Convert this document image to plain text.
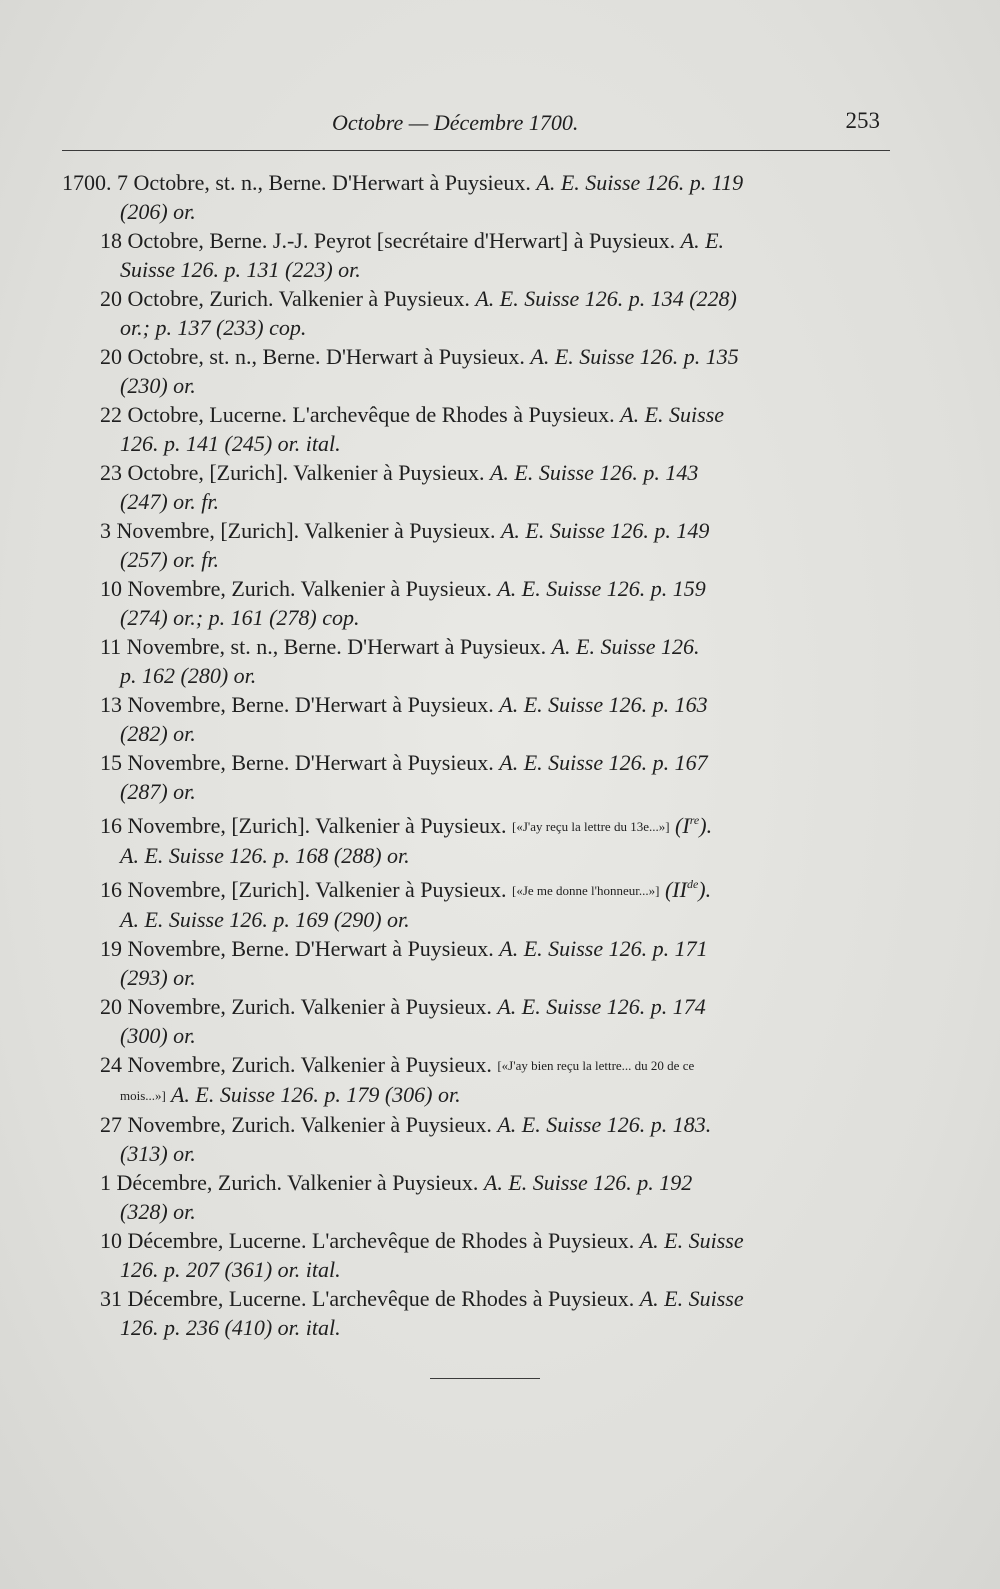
Octobre — Décembre 1700.	253
1700. 7 Octobre, st. n., Berne. D'Herwart à Puysieux. A. E. Suisse 126. p. 119
(206) or.
18 Octobre, Berne. J.-J. Peyrot [secrétaire d'Herwart] à Puysieux. A. E.
Suisse 126. p. 131 (223) or.
20 Octobre, Zurich. Valkenier à Puysieux. A. E. Suisse 126. p. 134 (228)
or.; p. 137 (233) cop.
20 Octobre, st. n., Berne. D'Herwart à Puysieux. A. E. Suisse 126. p. 135
(230) or.
22 Octobre, Lucerne. L'archevêque de Rhodes à Puysieux. A. E. Suisse
126. p. 141 (245) or. ital.
23 Octobre, [Zurich]. Valkenier à Puysieux. A. E. Suisse 126. p. 143
(247) or. fr.
3 Novembre, [Zurich]. Valkenier à Puysieux. A. E. Suisse 126. p. 149
(257) or. fr.
10 Novembre, Zurich. Valkenier à Puysieux. A. E. Suisse 126. p. 159
(274) or.; p. 161 (278) cop.
11 Novembre, st. n., Berne. D'Herwart à Puysieux. A. E. Suisse 126.
p. 162 (280) or.
13 Novembre, Berne. D'Herwart à Puysieux. A. E. Suisse 126. p. 163
(282) or.
15 Novembre, Berne. D'Herwart à Puysieux. A. E. Suisse 126. p. 167
(287) or.
16 Novembre, [Zurich]. Valkenier à Puysieux. [«J'ay reçu la lettre du 13e...»] (Ire).
A. E. Suisse 126. p. 168 (288) or.
16 Novembre, [Zurich]. Valkenier à Puysieux. [«Je me donne l'honneur...»] (IIde).
A. E. Suisse 126. p. 169 (290) or.
19 Novembre, Berne. D'Herwart à Puysieux. A. E. Suisse 126. p. 171
(293) or.
20 Novembre, Zurich. Valkenier à Puysieux. A. E. Suisse 126. p. 174
(300) or.
24 Novembre, Zurich. Valkenier à Puysieux. [«J'ay bien reçu la lettre... du 20 de ce
mois...»] A. E. Suisse 126. p. 179 (306) or.
27 Novembre, Zurich. Valkenier à Puysieux. A. E. Suisse 126. p. 183.
(313) or.
1 Décembre, Zurich. Valkenier à Puysieux. A. E. Suisse 126. p. 192
(328) or.
10 Décembre, Lucerne. L'archevêque de Rhodes à Puysieux. A. E. Suisse
126. p. 207 (361) or. ital.
31 Décembre, Lucerne. L'archevêque de Rhodes à Puysieux. A. E. Suisse
126. p. 236 (410) or. ital.
